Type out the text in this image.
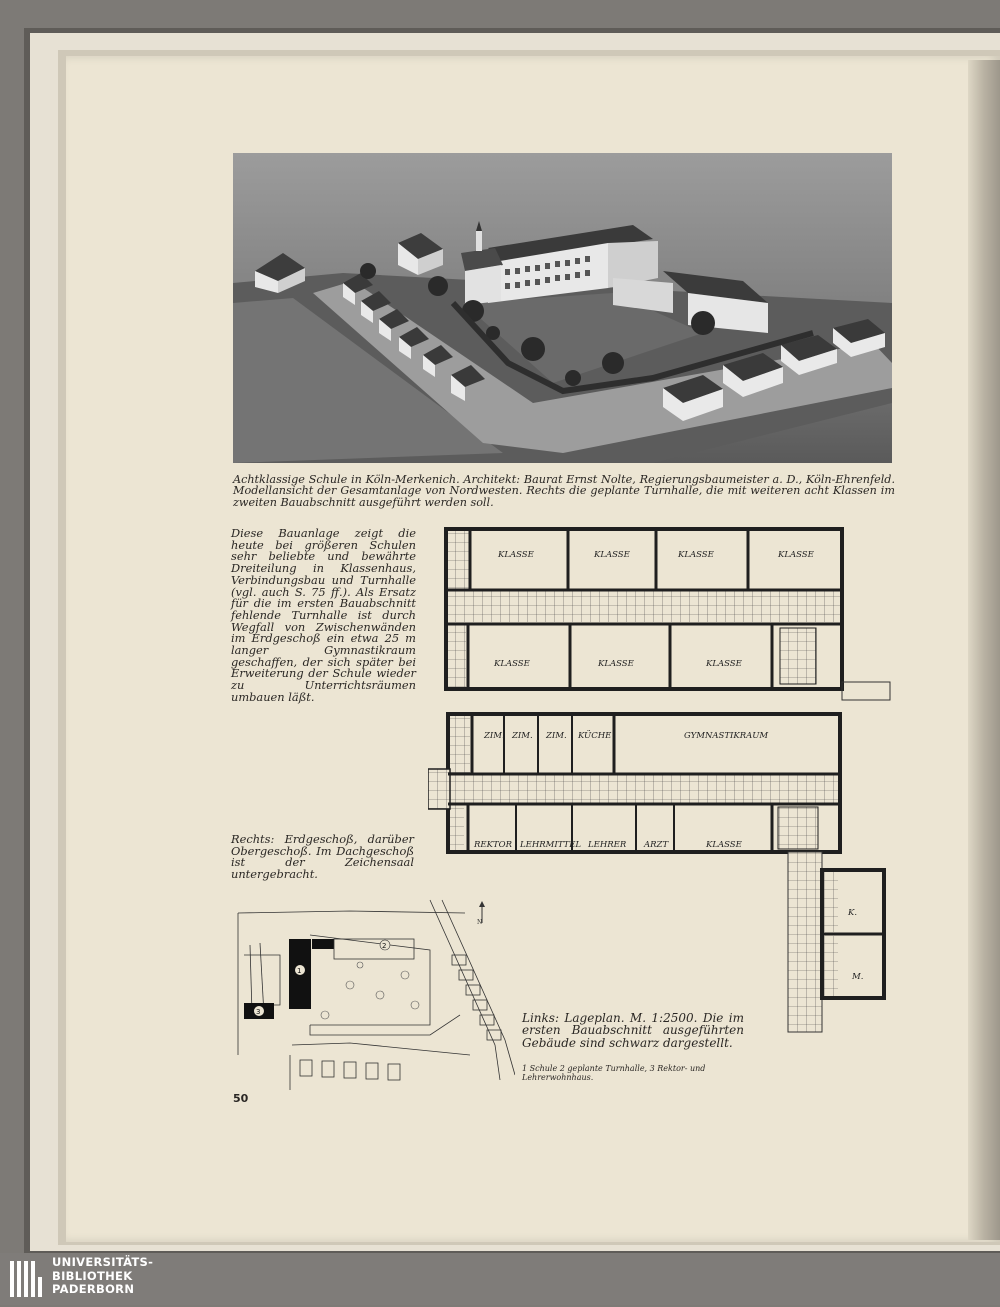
Achtklassige Schule in Köln-Merkenich. Architekt: Baurat Ernst Nolte, Regierungsbaumeister a. D., Köln-Ehrenfeld. Modellansicht der Gesamtanlage von Nordwesten. Rechts die geplante Turnhalle, die mit weiteren acht Klassen im zweiten Bauabschnitt ausgeführt werden soll.

Diese Bauanlage zeigt die heute bei größeren Schulen sehr beliebte und bewährte Dreiteilung in Klassenhaus, Verbindungsbau und Turnhalle (vgl. auch S. 75 ff.). Als Ersatz für die im ersten Bauabschnitt fehlende Turnhalle ist durch Wegfall von Zwischenwänden im Erdgeschoß ein etwa 25 m langer Gymnastikraum geschaffen, der sich später bei Erweiterung der Schule wieder zu Unterrichtsräumen umbauen läßt.

Rechts: Erdgeschoß, darüber Obergeschoß. Im Dachgeschoß ist der Zeichensaal untergebracht.

KLASSE	KLASSE	KLASSE	KLASSE
KLASSE	KLASSE	KLASSE
ZIM. ZIM. ZIM. KÜCHE	GYMNASTIKRAUM
REKTOR LEHRMITTEL LEHRER ARZT	KLASSE
K.
M.
1
2
3
N

Links: Lageplan. M. 1:2500. Die im ersten Bauabschnitt ausgeführten Gebäude sind schwarz dargestellt.

1 Schule 2 geplante Turnhalle, 3 Rektor- und Lehrerwohnhaus.

50
UNIVERSITÄTS-
BIBLIOTHEK
PADERBORN
